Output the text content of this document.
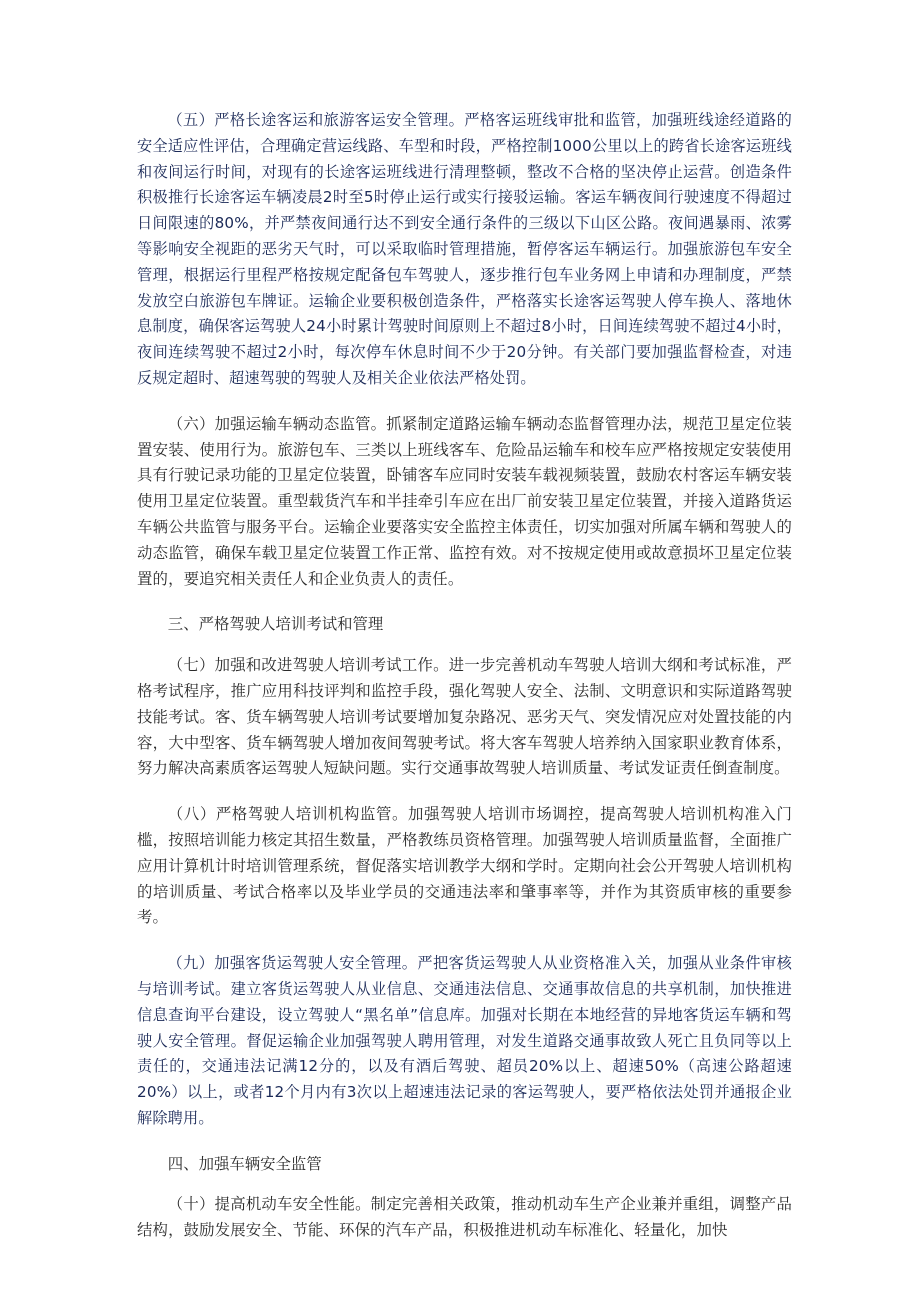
（五）严格长途客运和旅游客运安全管理。严格客运班线审批和监管，加强班线途经道路的安全适应性评估，合理确定营运线路、车型和时段，严格控制1000公里以上的跨省长途客运班线和夜间运行时间，对现有的长途客运班线进行清理整顿，整改不合格的坚决停止运营。创造条件积极推行长途客运车辆凌晨2时至5时停止运行或实行接驳运输。客运车辆夜间行驶速度不得超过日间限速的80%，并严禁夜间通行达不到安全通行条件的三级以下山区公路。夜间遇暴雨、浓雾等影响安全视距的恶劣天气时，可以采取临时管理措施，暂停客运车辆运行。加强旅游包车安全管理，根据运行里程严格按规定配备包车驾驶人，逐步推行包车业务网上申请和办理制度，严禁发放空白旅游包车牌证。运输企业要积极创造条件，严格落实长途客运驾驶人停车换人、落地休息制度，确保客运驾驶人24小时累计驾驶时间原则上不超过8小时，日间连续驾驶不超过4小时，夜间连续驾驶不超过2小时，每次停车休息时间不少于20分钟。有关部门要加强监督检查，对违反规定超时、超速驾驶的驾驶人及相关企业依法严格处罚。

（六）加强运输车辆动态监管。抓紧制定道路运输车辆动态监督管理办法，规范卫星定位装置安装、使用行为。旅游包车、三类以上班线客车、危险品运输车和校车应严格按规定安装使用具有行驶记录功能的卫星定位装置，卧铺客车应同时安装车载视频装置，鼓励农村客运车辆安装使用卫星定位装置。重型载货汽车和半挂牵引车应在出厂前安装卫星定位装置，并接入道路货运车辆公共监管与服务平台。运输企业要落实安全监控主体责任，切实加强对所属车辆和驾驶人的动态监管，确保车载卫星定位装置工作正常、监控有效。对不按规定使用或故意损坏卫星定位装置的，要追究相关责任人和企业负责人的责任。

三、严格驾驶人培训考试和管理

（七）加强和改进驾驶人培训考试工作。进一步完善机动车驾驶人培训大纲和考试标准，严格考试程序，推广应用科技评判和监控手段，强化驾驶人安全、法制、文明意识和实际道路驾驶技能考试。客、货车辆驾驶人培训考试要增加复杂路况、恶劣天气、突发情况应对处置技能的内容，大中型客、货车辆驾驶人增加夜间驾驶考试。将大客车驾驶人培养纳入国家职业教育体系，努力解决高素质客运驾驶人短缺问题。实行交通事故驾驶人培训质量、考试发证责任倒查制度。

（八）严格驾驶人培训机构监管。加强驾驶人培训市场调控，提高驾驶人培训机构准入门槛，按照培训能力核定其招生数量，严格教练员资格管理。加强驾驶人培训质量监督，全面推广应用计算机计时培训管理系统，督促落实培训教学大纲和学时。定期向社会公开驾驶人培训机构的培训质量、考试合格率以及毕业学员的交通违法率和肇事率等，并作为其资质审核的重要参考。

（九）加强客货运驾驶人安全管理。严把客货运驾驶人从业资格准入关，加强从业条件审核与培训考试。建立客货运驾驶人从业信息、交通违法信息、交通事故信息的共享机制，加快推进信息查询平台建设，设立驾驶人“黑名单”信息库。加强对长期在本地经营的异地客货运车辆和驾驶人安全管理。督促运输企业加强驾驶人聘用管理，对发生道路交通事故致人死亡且负同等以上责任的，交通违法记满12分的，以及有酒后驾驶、超员20%以上、超速50%（高速公路超速20%）以上，或者12个月内有3次以上超速违法记录的客运驾驶人，要严格依法处罚并通报企业解除聘用。

四、加强车辆安全监管

（十）提高机动车安全性能。制定完善相关政策，推动机动车生产企业兼并重组，调整产品结构，鼓励发展安全、节能、环保的汽车产品，积极推进机动车标准化、轻量化，加快
